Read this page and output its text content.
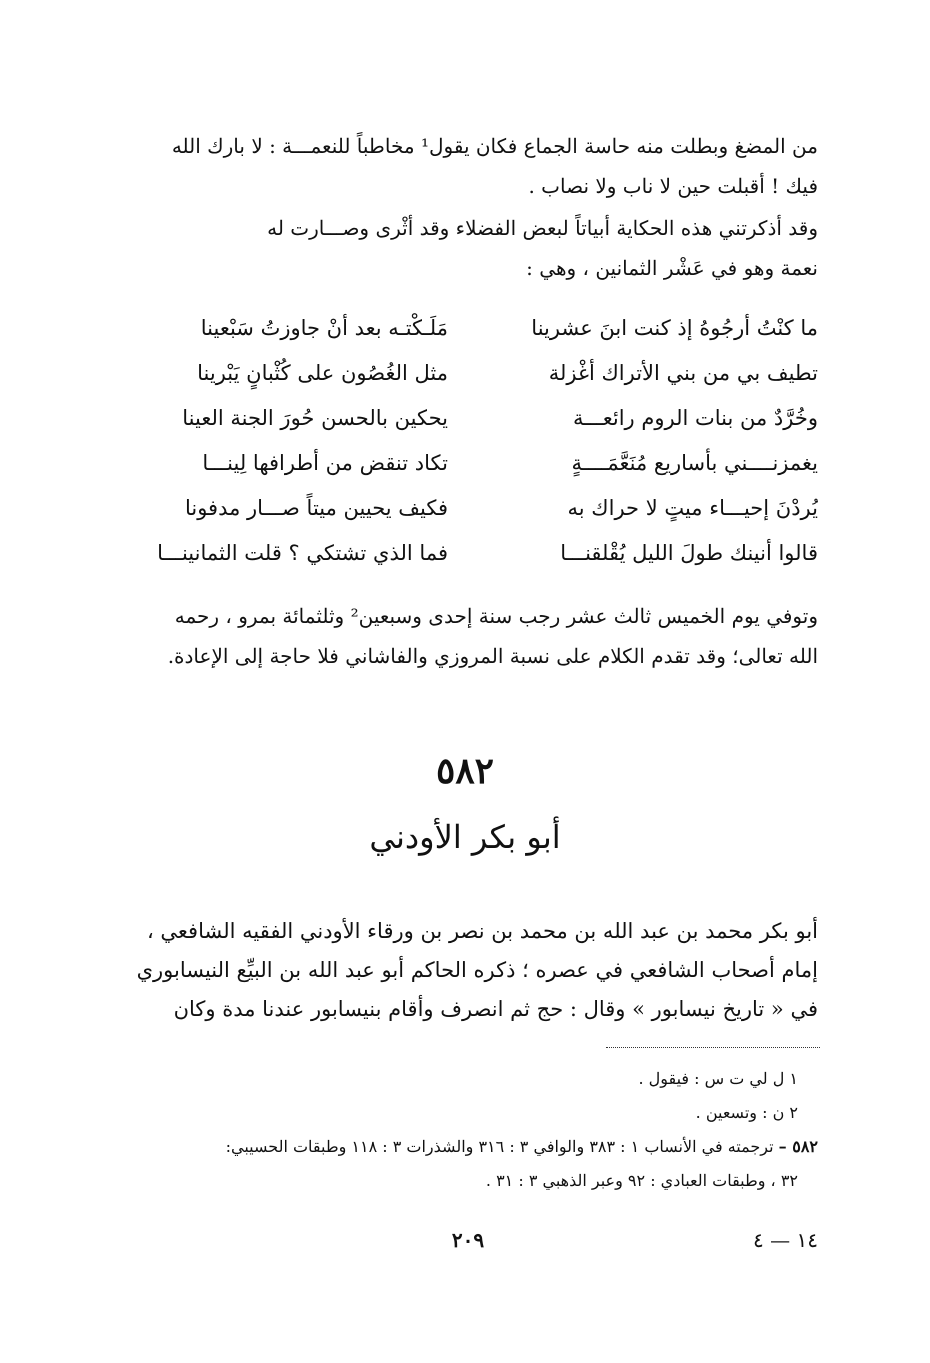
من المضغ وبطلت منه حاسة الجماع فكان يقول¹ مخاطباً للنعمـــة : لا بارك الله
فيك ! أقبلت حين لا ناب ولا نصاب .
وقد أذكرتني هذه الحكاية أبياتاً لبعض الفضلاء وقد أثْرى وصـــارت له
نعمة وهو في عَشْر الثمانين ، وهي :
ما كنْتُ أرجُوهُ إذ كنت ابنَ عشرينا
مَلَـكْتـه بعد أنْ جاوزتُ سَبْعينا
تطيف بي من بني الأتراك أغْزلة
مثل الغُصُون على كُثْبانٍ يَبْرينا
وخُرَّدٌ من بنات الروم رائعـــة
يحكين بالحسن حُورَ الجنة العينا
يغمزنــــني بأساريع مُنَعَّمَــــةٍ
تكاد تنقض من أطرافها لِينـــا
يُردْنَ إحيـــاء ميتٍ لا حراك به
فكيف يحيين ميتاً صـــار مدفونا
قالوا أنينك طولَ الليل يُقْلقنـــا
فما الذي تشتكي ؟ قلت الثمانينـــا
وتوفي يوم الخميس ثالث عشر رجب سنة إحدى وسبعين² وثلثمائة بمرو ، رحمه
الله تعالى؛ وقد تقدم الكلام على نسبة المروزي والفاشاني فلا حاجة إلى الإعادة.
٥٨٢
أبو بكر الأودني
أبو بكر محمد بن عبد الله بن محمد بن نصر بن ورقاء الأودني الفقيه الشافعي ،
إمام أصحاب الشافعي في عصره ؛ ذكره الحاكم أبو عبد الله بن البيِّع النيسابوري
في « تاريخ نيسابور » وقال : حج ثم انصرف وأقام بنيسابور عندنا مدة وكان
١ ل لي ت س : فيقول .
٢ ن : وتسعين .
٥٨٢ – ترجمته في الأنساب ١ : ٣٨٣ والوافي ٣ : ٣١٦ والشذرات ٣ : ١١٨ وطبقات الحسيبي:
٣٢ ، وطبقات العبادي : ٩٢ وعبر الذهبي ٣ : ٣١ .
١٤ — ٤
٢٠٩
